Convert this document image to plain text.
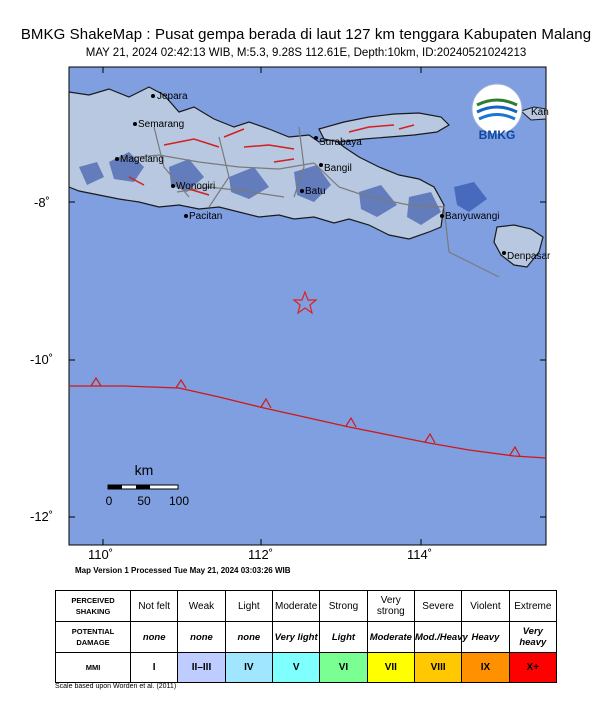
BMKG ShakeMap : Pusat gempa berada di laut 127 km tenggara Kabupaten Malang
MAY 21, 2024 02:42:13 WIB, M:5.3, 9.28S 112.61E, Depth:10km, ID:20240521024213
Jepara
Semarang
Magelang
Wonogiri
Pacitan
Surabaya
Bangil
Batu
Banyuwangi
Denpasar
Kan
BMKG
km
0 50 100
110˚	112˚	114˚
-8˚
-10˚
-12˚
Map Version 1 Processed Tue May 21, 2024 03:03:26 WIB
PERCEIVED SHAKING	Not felt	Weak	Light	Moderate	Strong	Very strong	Severe	Violent	Extreme
POTENTIAL DAMAGE	none	none	none	Very light	Light	Moderate	Mod./Heavy	Heavy	Very heavy
MMI	I	II–III	IV	V	VI	VII	VIII	IX	X+
Scale based upon Worden et al. (2011)
